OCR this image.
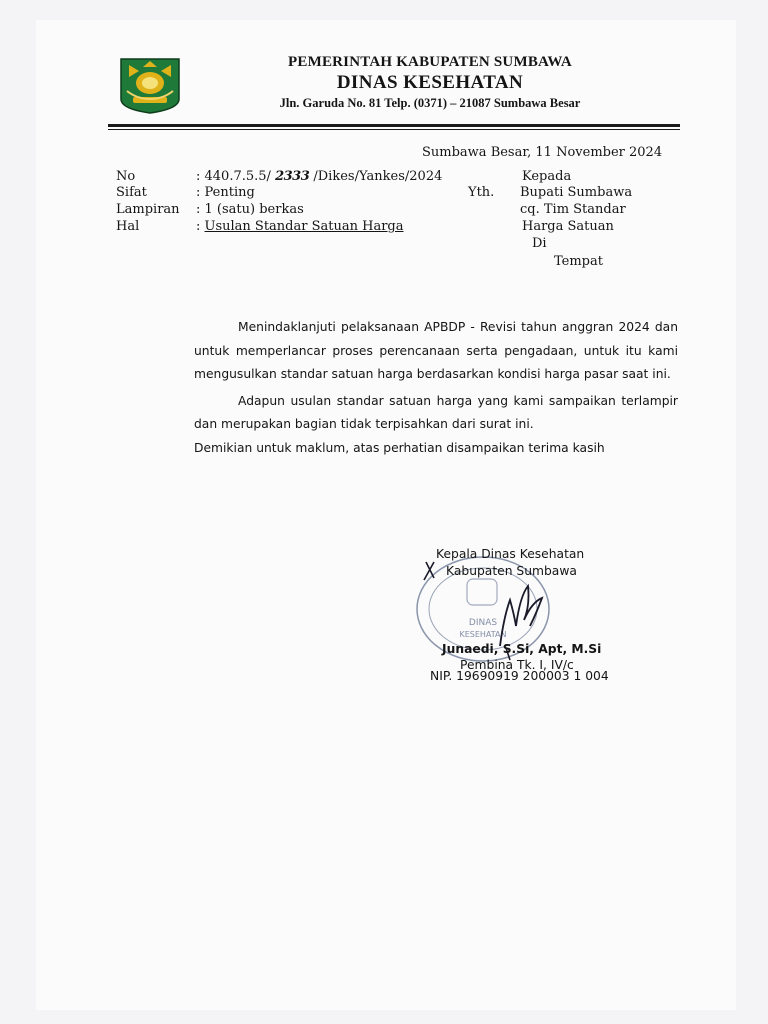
PEMERINTAH KABUPATEN SUMBAWA
DINAS KESEHATAN
Jln. Garuda No. 81 Telp. (0371) – 21087 Sumbawa Besar
Sumbawa Besar, 11 November 2024
No
Sifat
Lampiran
Hal
: 440.7.5.5/ 2333 /Dikes/Yankes/2024
: Penting
: 1 (satu) berkas
: Usulan Standar Satuan Harga
Kepada
Yth. Bupati Sumbawa
cq. Tim Standar
Harga Satuan
Di
Tempat

Menindaklanjuti pelaksanaan APBDP - Revisi tahun anggran 2024 dan untuk memperlancar proses perencanaan serta pengadaan, untuk itu kami mengusulkan standar satuan harga berdasarkan kondisi harga pasar saat ini.

Adapun usulan standar satuan harga yang kami sampaikan terlampir dan merupakan bagian tidak terpisahkan dari surat ini.

Demikian untuk maklum, atas perhatian disampaikan terima kasih

DINAS
KESEHATAN
Kepala Dinas Kesehatan
Kabupaten Sumbawa
Junaedi, S.Si, Apt, M.Si
Pembina Tk. I, IV/c
NIP. 19690919 200003 1 004
